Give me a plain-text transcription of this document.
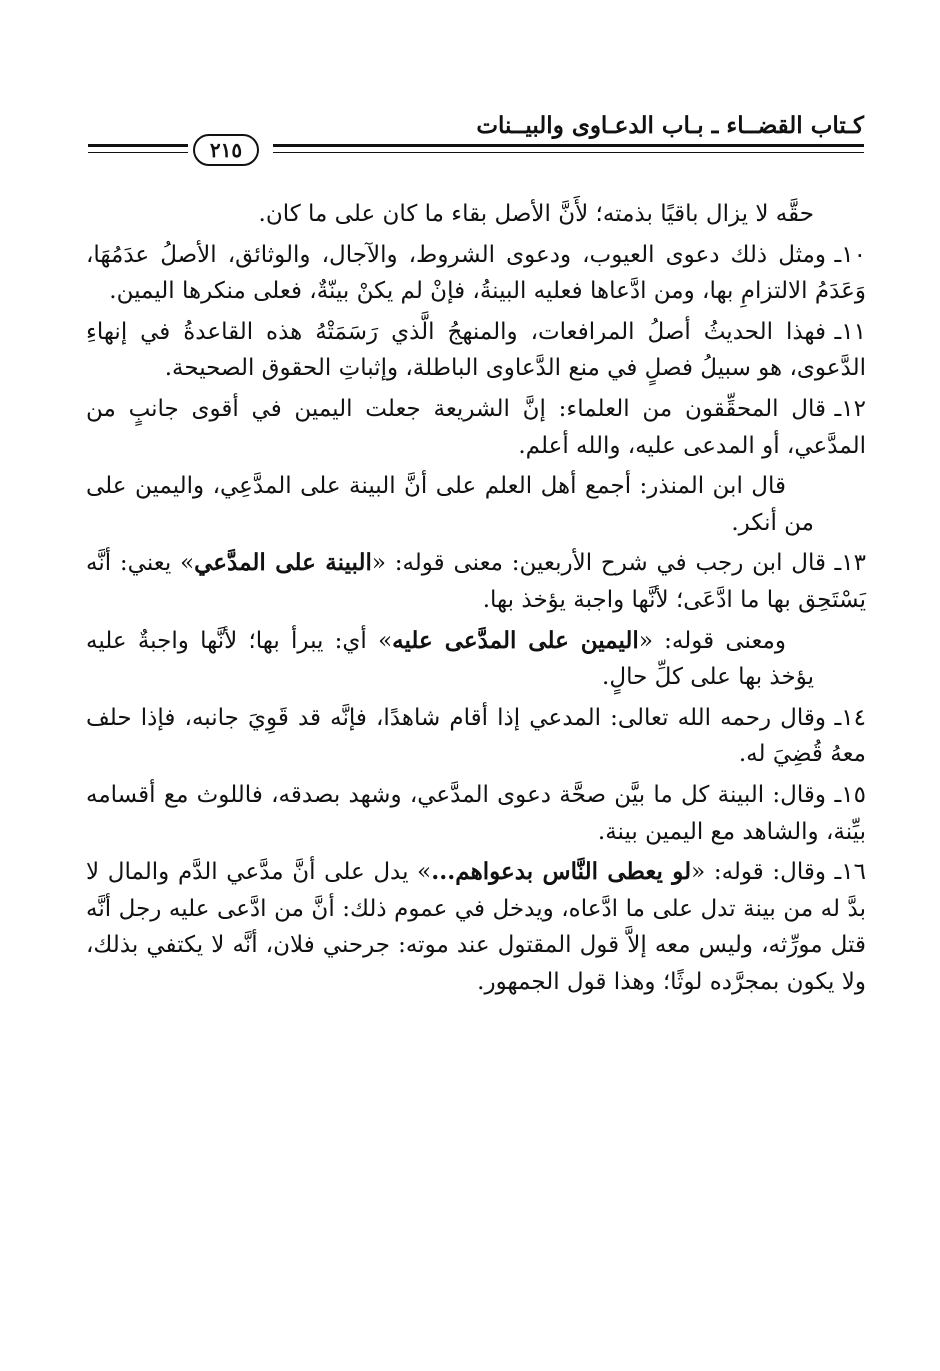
كـتاب القضــاء ـ بـاب الدعـاوى والبيــنات
٢١٥

حقَّه لا يزال باقيًا بذمته؛ لأَنَّ الأصل بقاء ما كان على ما كان.

١٠ـومثل ذلك دعوى العيوب، ودعوى الشروط، والآجال، والوثائق، الأصلُ عدَمُهَا، وَعَدَمُ الالتزامِ بها، ومن ادَّعاها فعليه البينةُ، فإنْ لم يكنْ بينّةٌ، فعلى منكرها اليمين.

١١ـفهذا الحديثُ أصلُ المرافعات، والمنهجُ الَّذي رَسَمَتْهُ هذه القاعدةُ في إنهاءِ الدَّعوى، هو سبيلُ فصلٍ في منع الدَّعاوى الباطلة، وإثباتِ الحقوق الصحيحة.

١٢ـقال المحقِّقون من العلماء: إنَّ الشريعة جعلت اليمين في أقوى جانبٍ من المدَّعي، أو المدعى عليه، والله أعلم.

قال ابن المنذر: أجمع أهل العلم على أنَّ البينة على المدَّعِي، واليمين على من أنكر.

١٣ـقال ابن رجب في شرح الأربعين: معنى قوله: «البينة على المدَّعي» يعني: أنَّه يَسْتَحِق بها ما ادَّعَى؛ لأنَّها واجبة يؤخذ بها.

ومعنى قوله: «اليمين على المدَّعى عليه» أي: يبرأ بها؛ لأنَّها واجبةٌ عليه يؤخذ بها على كلِّ حالٍ.

١٤ـوقال رحمه الله تعالى: المدعي إذا أقام شاهدًا، فإنَّه قد قَوِيَ جانبه، فإذا حلف معهُ قُضِيَ له.

١٥ـوقال: البينة كل ما بيَّن صحَّة دعوى المدَّعي، وشهد بصدقه، فاللوث مع أقسامه بيِّنة، والشاهد مع اليمين بينة.

١٦ـوقال: قوله: «لو يعطى النَّاس بدعواهم...» يدل على أنَّ مدَّعي الدَّم والمال لا بدَّ له من بينة تدل على ما ادَّعاه، ويدخل في عموم ذلك: أنَّ من ادَّعى عليه رجل أنَّه قتل مورِّثه، وليس معه إلاَّ قول المقتول عند موته: جرحني فلان، أنَّه لا يكتفي بذلك، ولا يكون بمجرَّده لوثًا؛ وهذا قول الجمهور.
